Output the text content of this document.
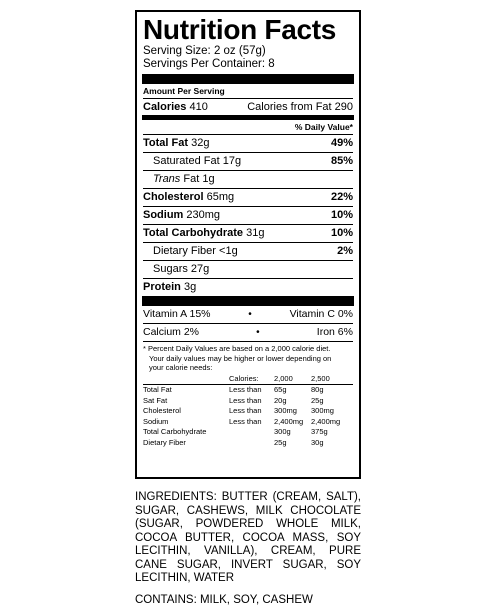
Nutrition Facts
Serving Size: 2 oz (57g)
Servings Per Container: 8
Amount Per Serving
Calories 410	Calories from Fat 290
% Daily Value*
Total Fat 32g	49%
Saturated Fat 17g	85%
Trans Fat 1g
Cholesterol 65mg	22%
Sodium 230mg	10%
Total Carbohydrate 31g	10%
Dietary Fiber <1g	2%
Sugars 27g
Protein 3g
Vitamin A 15%	•	Vitamin C 0%
Calcium 2%	•	Iron 6%
* Percent Daily Values are based on a 2,000 calorie diet.
Your daily values may be higher or lower depending on
your calorie needs:
	Calories:	2,000	2,500
Total Fat	Less than	65g	80g
Sat Fat	Less than	20g	25g
Cholesterol	Less than	300mg	300mg
Sodium	Less than	2,400mg	2,400mg
Total Carbohydrate		300g	375g
Dietary Fiber		25g	30g
INGREDIENTS: BUTTER (CREAM, SALT), SUGAR, CASHEWS, MILK CHOCOLATE (SUGAR, POWDERED WHOLE MILK, COCOA BUTTER, COCOA MASS, SOY LECITHIN, VANILLA), CREAM, PURE CANE SUGAR, INVERT SUGAR, SOY LECITHIN, WATER
CONTAINS: MILK, SOY, CASHEW
